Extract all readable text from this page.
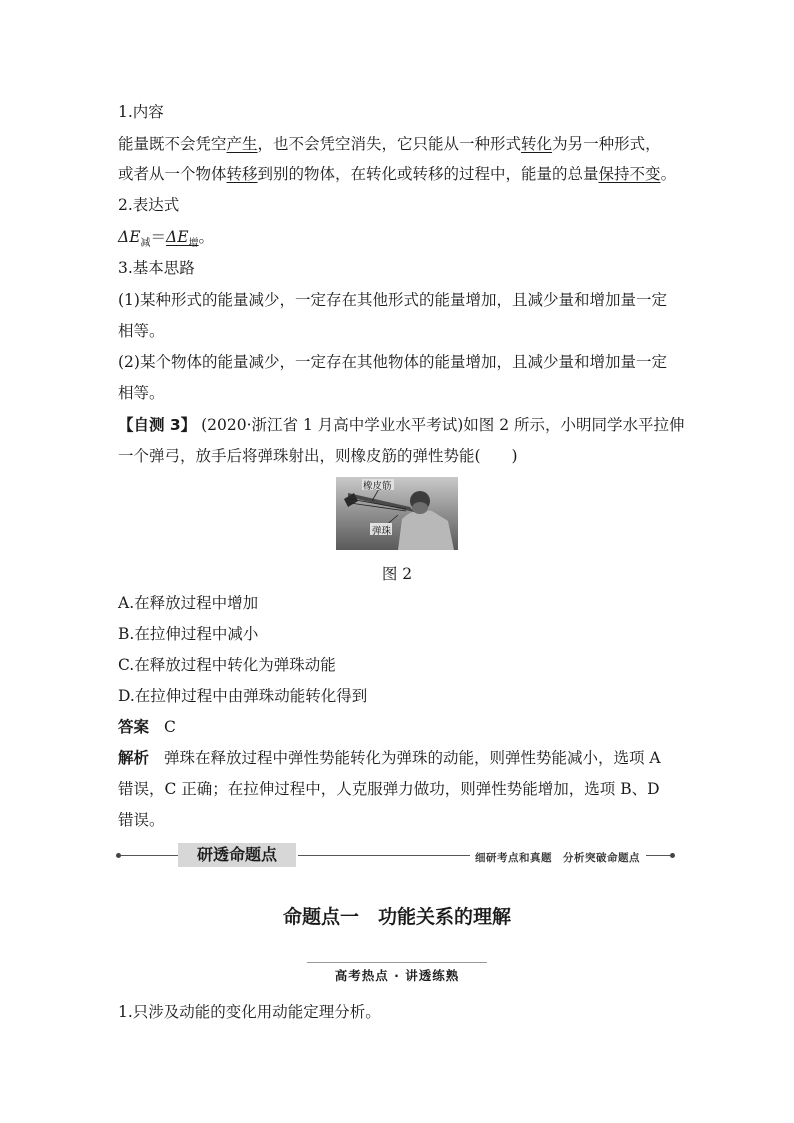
1.内容
能量既不会凭空产生，也不会凭空消失，它只能从一种形式转化为另一种形式，
或者从一个物体转移到别的物体，在转化或转移的过程中，能量的总量保持不变。
2.表达式
$\Delta E_减=\Delta E_增$。
3.基本思路
(1)某种形式的能量减少，一定存在其他形式的能量增加，且减少量和增加量一定
相等。
(2)某个物体的能量减少，一定存在其他物体的能量增加，且减少量和增加量一定
相等。
【自测 3】 (2020·浙江省 1 月高中学业水平考试)如图 2 所示，小明同学水平拉伸
一个弹弓，放手后将弹珠射出，则橡皮筋的弹性势能(　　)
橡皮筋
弹珠
图 2
A.在释放过程中增加
B.在拉伸过程中减小
C.在释放过程中转化为弹珠动能
D.在拉伸过程中由弹珠动能转化得到
答案 C
解析 弹珠在释放过程中弹性势能转化为弹珠的动能，则弹性势能减小，选项 A
错误，C 正确；在拉伸过程中，人克服弹力做功，则弹性势能增加，选项 B、D
错误。
研透命题点	细研考点和真题　分析突破命题点
命题点一　功能关系的理解
高考热点 · 讲透练熟
1.只涉及动能的变化用动能定理分析。
